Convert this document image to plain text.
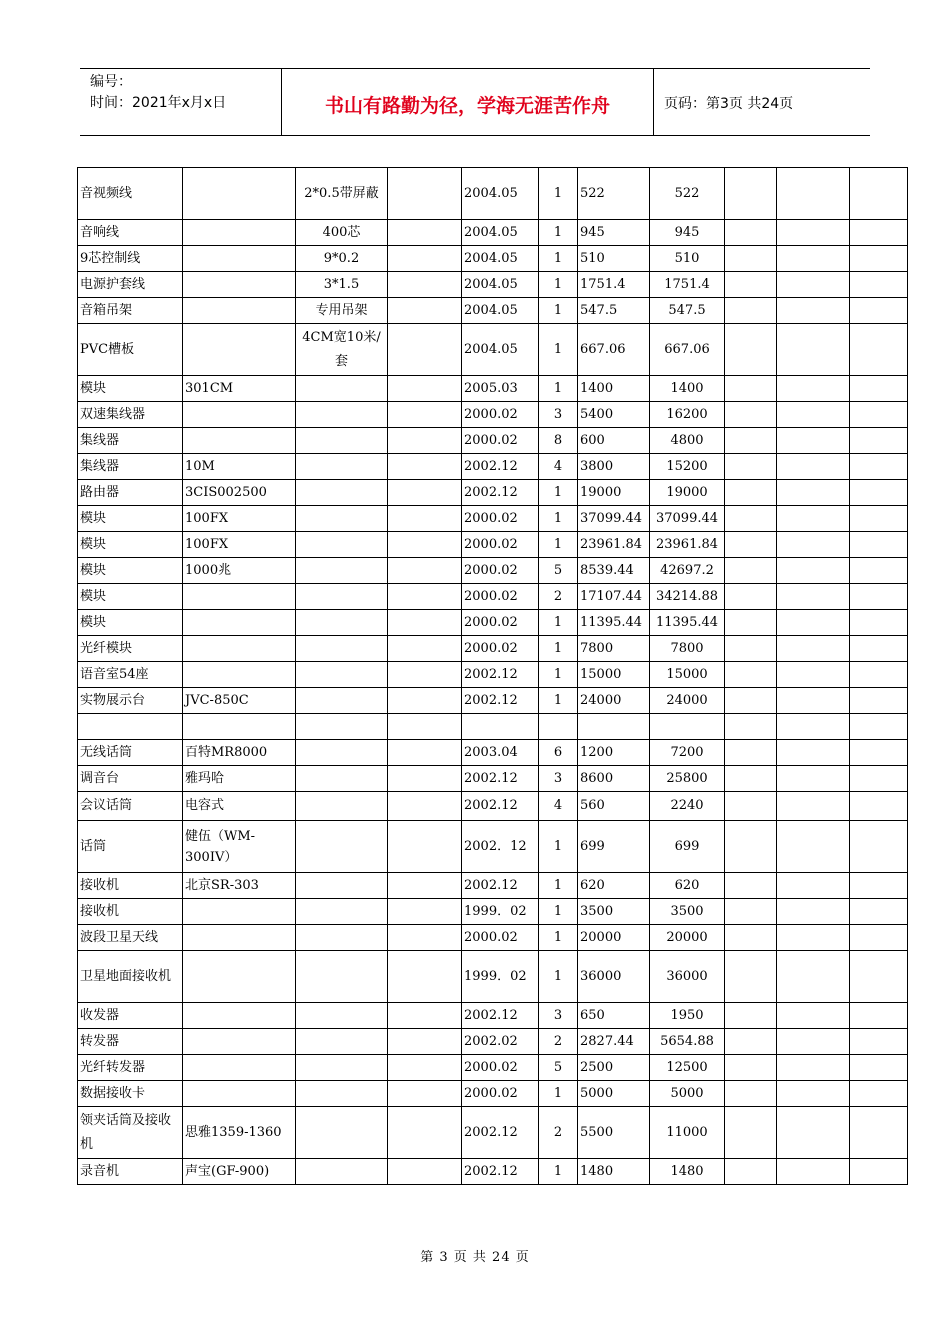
编号：
时间：2021年x月x日	书山有路勤为径，学海无涯苦作舟	页码：第3页 共24页
音视频线		2*0.5带屏蔽		2004.05	1	522	522			
音响线		400芯		2004.05	1	945	945			
9芯控制线		9*0.2		2004.05	1	510	510			
电源护套线		3*1.5		2004.05	1	1751.4	1751.4			
音箱吊架		专用吊架		2004.05	1	547.5	547.5			
PVC槽板		4CM宽10米/套		2004.05	1	667.06	667.06			
模块	301CM			2005.03	1	1400	1400			
双速集线器				2000.02	3	5400	16200			
集线器				2000.02	8	600	4800			
集线器	10M			2002.12	4	3800	15200			
路由器	3CIS002500			2002.12	1	19000	19000			
模块	100FX			2000.02	1	37099.44	37099.44			
模块	100FX			2000.02	1	23961.84	23961.84			
模块	1000兆			2000.02	5	8539.44	42697.2			
模块				2000.02	2	17107.44	34214.88			
模块				2000.02	1	11395.44	11395.44			
光纤模块				2000.02	1	7800	7800			
语音室54座				2002.12	1	15000	15000			
实物展示台	JVC-850C			2002.12	1	24000	24000			

无线话筒	百特MR8000			2003.04	6	1200	7200			
调音台	雅玛哈			2002.12	3	8600	25800			
会议话筒	电容式			2002.12	4	560	2240			
话筒	健伍（WM-300IV）			2002．12	1	699	699			
接收机	北京SR-303			2002.12	1	620	620			
接收机				1999．02	1	3500	3500			
波段卫星天线				2000.02	1	20000	20000			
卫星地面接收机				1999．02	1	36000	36000			
收发器				2002.12	3	650	1950			
转发器				2002.02	2	2827.44	5654.88			
光纤转发器				2000.02	5	2500	12500			
数据接收卡				2000.02	1	5000	5000			
领夹话筒及接收机	思雅1359-1360			2002.12	2	5500	11000			
录音机	声宝(GF-900)			2002.12	1	1480	1480			
第 3 页 共 24 页
